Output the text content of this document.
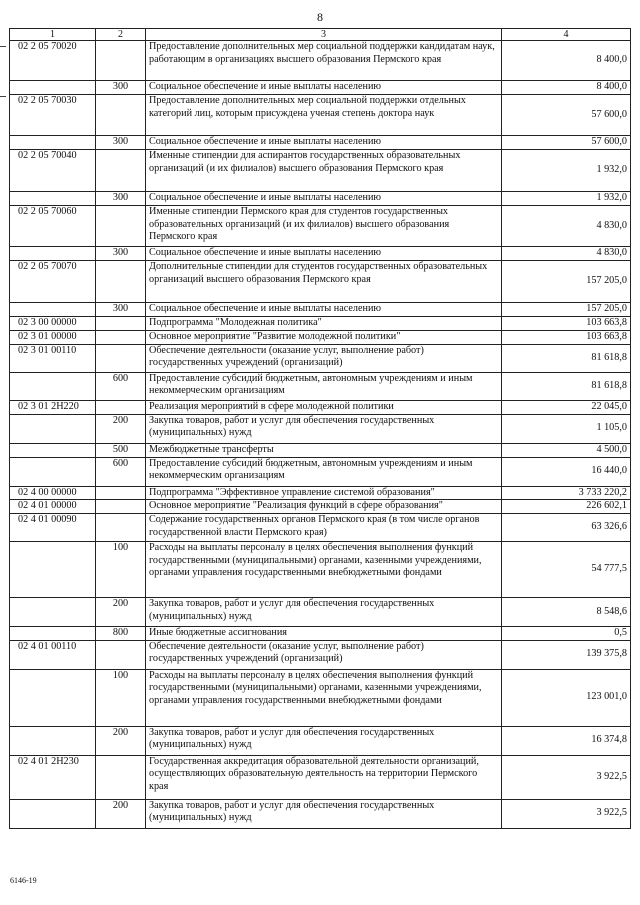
8
1	2	3	4
02 2 05 70020		Предоставление дополнительных мер социальной поддержки кандидатам наук, работающим в организациях высшего образования Пермского края	8 400,0
	300	Социальное обеспечение и иные выплаты населению	8 400,0
02 2 05 70030		Предоставление дополнительных мер социальной поддержки отдельных категорий лиц, которым присуждена ученая степень доктора наук	57 600,0
	300	Социальное обеспечение и иные выплаты населению	57 600,0
02 2 05 70040		Именные стипендии для аспирантов государственных образовательных организаций (и их филиалов) высшего образования Пермского края	1 932,0
	300	Социальное обеспечение и иные выплаты населению	1 932,0
02 2 05 70060		Именные стипендии Пермского края для студентов государственных образовательных организаций (и их филиалов) высшего образования Пермского края	4 830,0
	300	Социальное обеспечение и иные выплаты населению	4 830,0
02 2 05 70070		Дополнительные стипендии для студентов государственных образовательных организаций высшего образования Пермского края	157 205,0
	300	Социальное обеспечение и иные выплаты населению	157 205,0
02 3 00 00000		Подпрограмма "Молодежная политика"	103 663,8
02 3 01 00000		Основное мероприятие "Развитие молодежной политики"	103 663,8
02 3 01 00110		Обеспечение деятельности (оказание услуг, выполнение работ) государственных учреждений (организаций)	81 618,8
	600	Предоставление субсидий бюджетным, автономным учреждениям и иным некоммерческим организациям	81 618,8
02 3 01 2Н220		Реализация мероприятий в сфере молодежной политики	22 045,0
	200	Закупка товаров, работ и услуг для обеспечения государственных (муниципальных) нужд	1 105,0
	500	Межбюджетные трансферты	4 500,0
	600	Предоставление субсидий бюджетным, автономным учреждениям и иным некоммерческим организациям	16 440,0
02 4 00 00000		Подпрограмма "Эффективное управление системой образования"	3 733 220,2
02 4 01 00000		Основное мероприятие "Реализация функций в сфере образования"	226 602,1
02 4 01 00090		Содержание государственных органов Пермского края (в том числе органов государственной власти Пермского края)	63 326,6
	100	Расходы на выплаты персоналу в целях обеспечения выполнения функций государственными (муниципальными) органами, казенными учреждениями, органами управления государственными внебюджетными фондами	54 777,5
	200	Закупка товаров, работ и услуг для обеспечения государственных (муниципальных) нужд	8 548,6
	800	Иные бюджетные ассигнования	0,5
02 4 01 00110		Обеспечение деятельности (оказание услуг, выполнение работ) государственных учреждений (организаций)	139 375,8
	100	Расходы на выплаты персоналу в целях обеспечения выполнения функций государственными (муниципальными) органами, казенными учреждениями, органами управления государственными внебюджетными фондами	123 001,0
	200	Закупка товаров, работ и услуг для обеспечения государственных (муниципальных) нужд	16 374,8
02 4 01 2Н230		Государственная аккредитация образовательной деятельности организаций, осуществляющих образовательную деятельность на территории Пермского края	3 922,5
	200	Закупка товаров, работ и услуг для обеспечения государственных (муниципальных) нужд	3 922,5
6146-19
